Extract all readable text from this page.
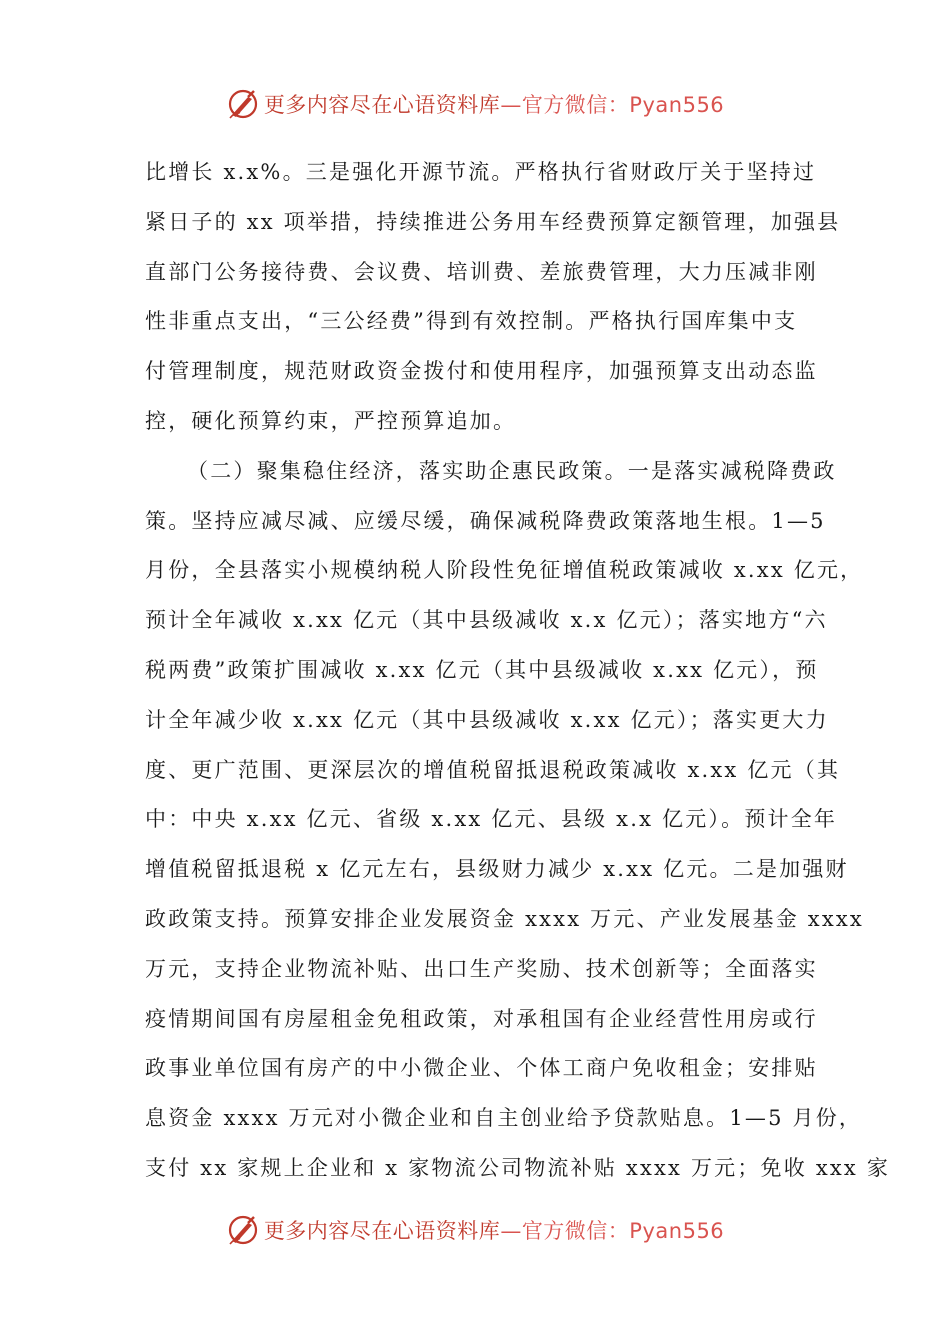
更多内容尽在心语资料库—官方微信：Pyan556
比增长 x.x%。三是强化开源节流。严格执行省财政厅关于坚持过
紧日子的 xx 项举措，持续推进公务用车经费预算定额管理，加强县
直部门公务接待费、会议费、培训费、差旅费管理，大力压减非刚
性非重点支出，“三公经费”得到有效控制。严格执行国库集中支
付管理制度，规范财政资金拨付和使用程序，加强预算支出动态监
控，硬化预算约束，严控预算追加。
（二）聚集稳住经济，落实助企惠民政策。一是落实减税降费政
策。坚持应减尽减、应缓尽缓，确保减税降费政策落地生根。1—5
月份，全县落实小规模纳税人阶段性免征增值税政策减收 x.xx 亿元，
预计全年减收 x.xx 亿元（其中县级减收 x.x 亿元）；落实地方“六
税两费”政策扩围减收 x.xx 亿元（其中县级减收 x.xx 亿元），预
计全年减少收 x.xx 亿元（其中县级减收 x.xx 亿元）；落实更大力
度、更广范围、更深层次的增值税留抵退税政策减收 x.xx 亿元（其
中：中央 x.xx 亿元、省级 x.xx 亿元、县级 x.x 亿元）。预计全年
增值税留抵退税 x 亿元左右，县级财力减少 x.xx 亿元。二是加强财
政政策支持。预算安排企业发展资金 xxxx 万元、产业发展基金 xxxx
万元，支持企业物流补贴、出口生产奖励、技术创新等；全面落实
疫情期间国有房屋租金免租政策，对承租国有企业经营性用房或行
政事业单位国有房产的中小微企业、个体工商户免收租金；安排贴
息资金 xxxx 万元对小微企业和自主创业给予贷款贴息。1—5 月份，
支付 xx 家规上企业和 x 家物流公司物流补贴 xxxx 万元；免收 xxx 家
更多内容尽在心语资料库—官方微信：Pyan556
